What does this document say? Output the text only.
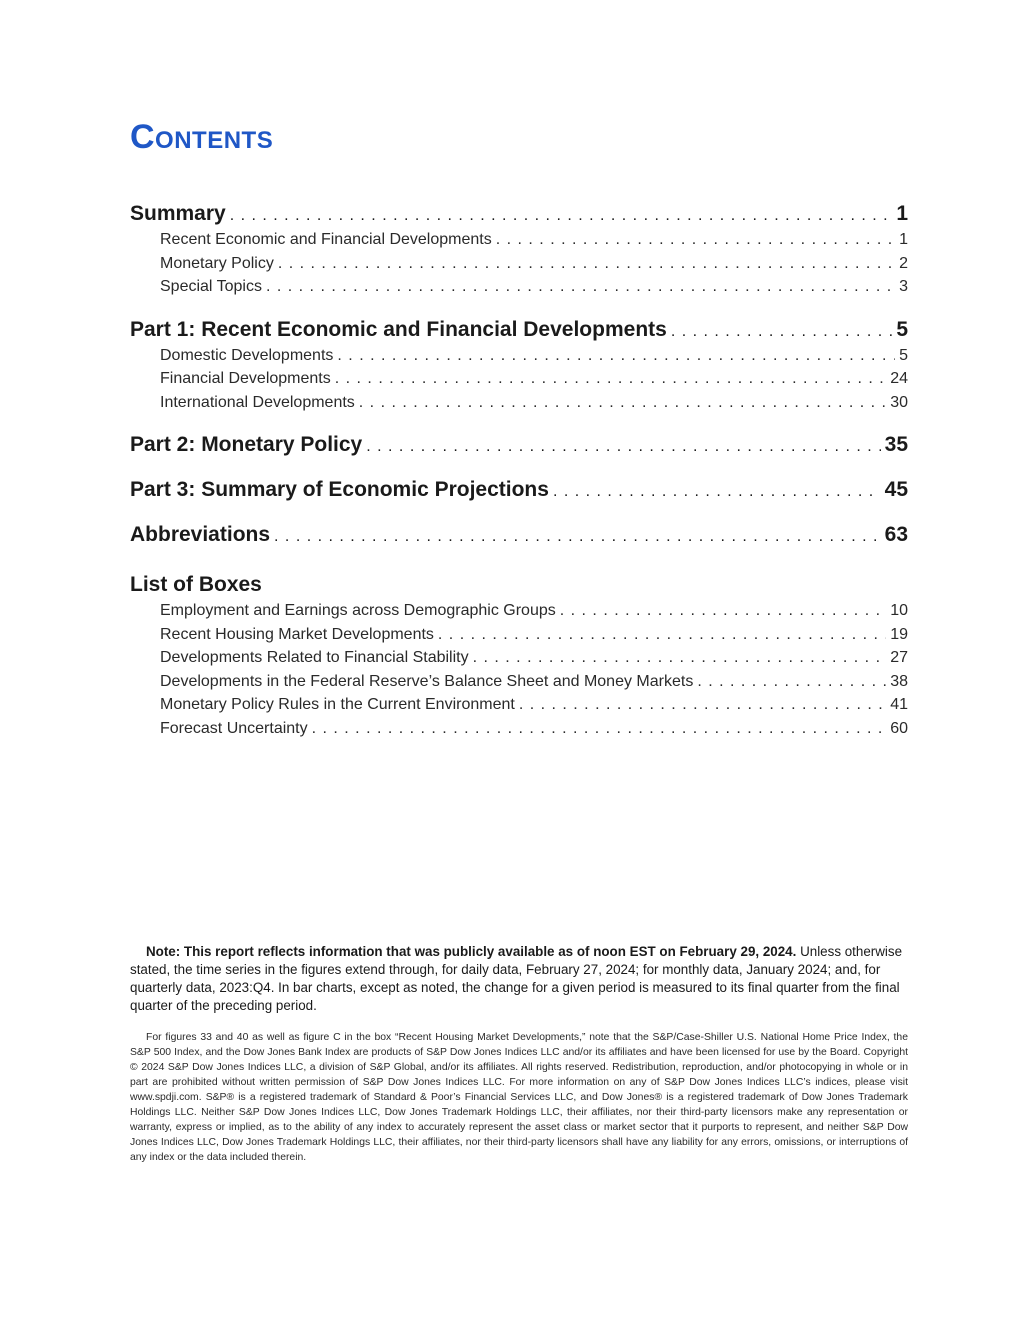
Contents
Summary . . .	1
Recent Economic and Financial Developments . . .	1
Monetary Policy . . .	2
Special Topics . . .	3
Part 1: Recent Economic and Financial Developments . . .	5
Domestic Developments . . .	5
Financial Developments . . .	24
International Developments . . .	30
Part 2: Monetary Policy . . .	35
Part 3: Summary of Economic Projections . . .	45
Abbreviations . . .	63
List of Boxes
Employment and Earnings across Demographic Groups . . .	10
Recent Housing Market Developments . . .	19
Developments Related to Financial Stability . . .	27
Developments in the Federal Reserve’s Balance Sheet and Money Markets . . .	38
Monetary Policy Rules in the Current Environment . . .	41
Forecast Uncertainty . . .	60
Note: This report reflects information that was publicly available as of noon EST on February 29, 2024. Unless otherwise stated, the time series in the figures extend through, for daily data, February 27, 2024; for monthly data, January 2024; and, for quarterly data, 2023:Q4. In bar charts, except as noted, the change for a given period is measured to its final quarter from the final quarter of the preceding period.
For figures 33 and 40 as well as figure C in the box “Recent Housing Market Developments,” note that the S&P/Case-Shiller U.S. National Home Price Index, the S&P 500 Index, and the Dow Jones Bank Index are products of S&P Dow Jones Indices LLC and/or its affiliates and have been licensed for use by the Board. Copyright © 2024 S&P Dow Jones Indices LLC, a division of S&P Global, and/or its affiliates. All rights reserved. Redistribution, reproduction, and/or photocopying in whole or in part are prohibited without written permission of S&P Dow Jones Indices LLC. For more information on any of S&P Dow Jones Indices LLC’s indices, please visit www.spdji.com. S&P® is a registered trademark of Standard & Poor’s Financial Services LLC, and Dow Jones® is a registered trademark of Dow Jones Trademark Holdings LLC. Neither S&P Dow Jones Indices LLC, Dow Jones Trademark Holdings LLC, their affiliates, nor their third-party licensors make any representation or warranty, express or implied, as to the ability of any index to accurately represent the asset class or market sector that it purports to represent, and neither S&P Dow Jones Indices LLC, Dow Jones Trademark Holdings LLC, their affiliates, nor their third-party licensors shall have any liability for any errors, omissions, or interruptions of any index or the data included therein.
